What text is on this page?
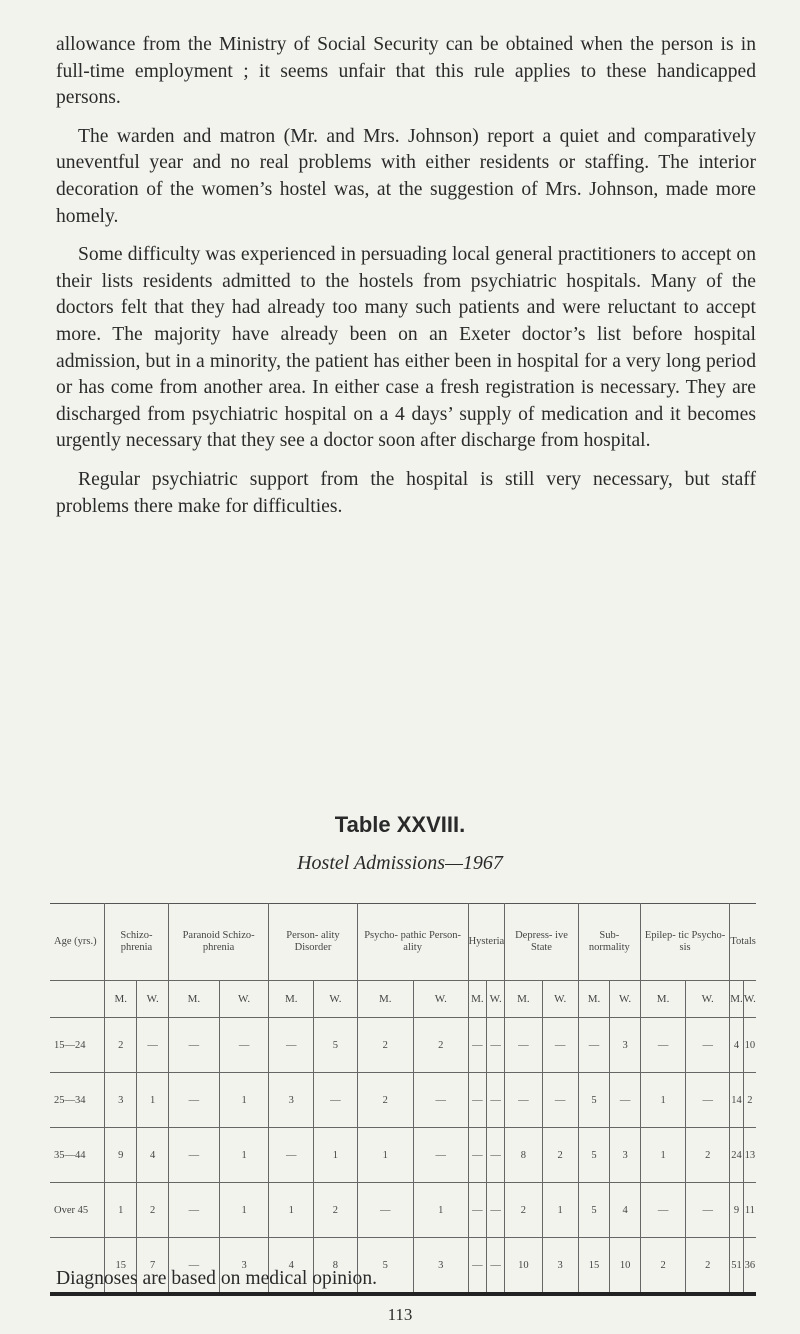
allowance from the Ministry of Social Security can be obtained when the person is in full-time employment ; it seems unfair that this rule applies to these handicapped persons.

The warden and matron (Mr. and Mrs. Johnson) report a quiet and comparatively uneventful year and no real problems with either residents or staffing. The interior decoration of the women’s hostel was, at the suggestion of Mrs. Johnson, made more homely.

Some difficulty was experienced in persuading local general practitioners to accept on their lists residents admitted to the hostels from psychiatric hospitals. Many of the doctors felt that they had already too many such patients and were reluctant to accept more. The majority have already been on an Exeter doctor’s list before hospital admission, but in a minority, the patient has either been in hospital for a very long period or has come from another area. In either case a fresh registration is necessary. They are discharged from psychiatric hospital on a 4 days’ supply of medication and it becomes urgently necessary that they see a doctor soon after discharge from hospital.

Regular psychiatric support from the hospital is still very necessary, but staff problems there make for difficulties.

Table XXVIII.
Hostel Admissions—1967
Age (yrs.)	Schizo- phrenia		Paranoid Schizo- phrenia		Person- ality Disorder		Psycho- pathic Person- ality		Hysteria		Depress- ive State		Sub- normality		Epilep- tic Psycho- sis		Totals	
	M.	W.	M.	W.	M.	W.	M.	W.	M.	W.	M.	W.	M.	W.	M.	W.	M.	W.
15—24	2	—	—	—	—	5	2	2	—	—	—	—	—	3	—	—	4	10
25—34	3	1	—	1	3	—	2	—	—	—	—	—	5	—	1	—	14	2
35—44	9	4	—	1	—	1	1	—	—	—	8	2	5	3	1	2	24	13
Over 45	1	2	—	1	1	2	—	1	—	—	2	1	5	4	—	—	9	11
	15	7	—	3	4	8	5	3	—	—	10	3	15	10	2	2	51	36
Diagnoses are based on medical opinion.
113
